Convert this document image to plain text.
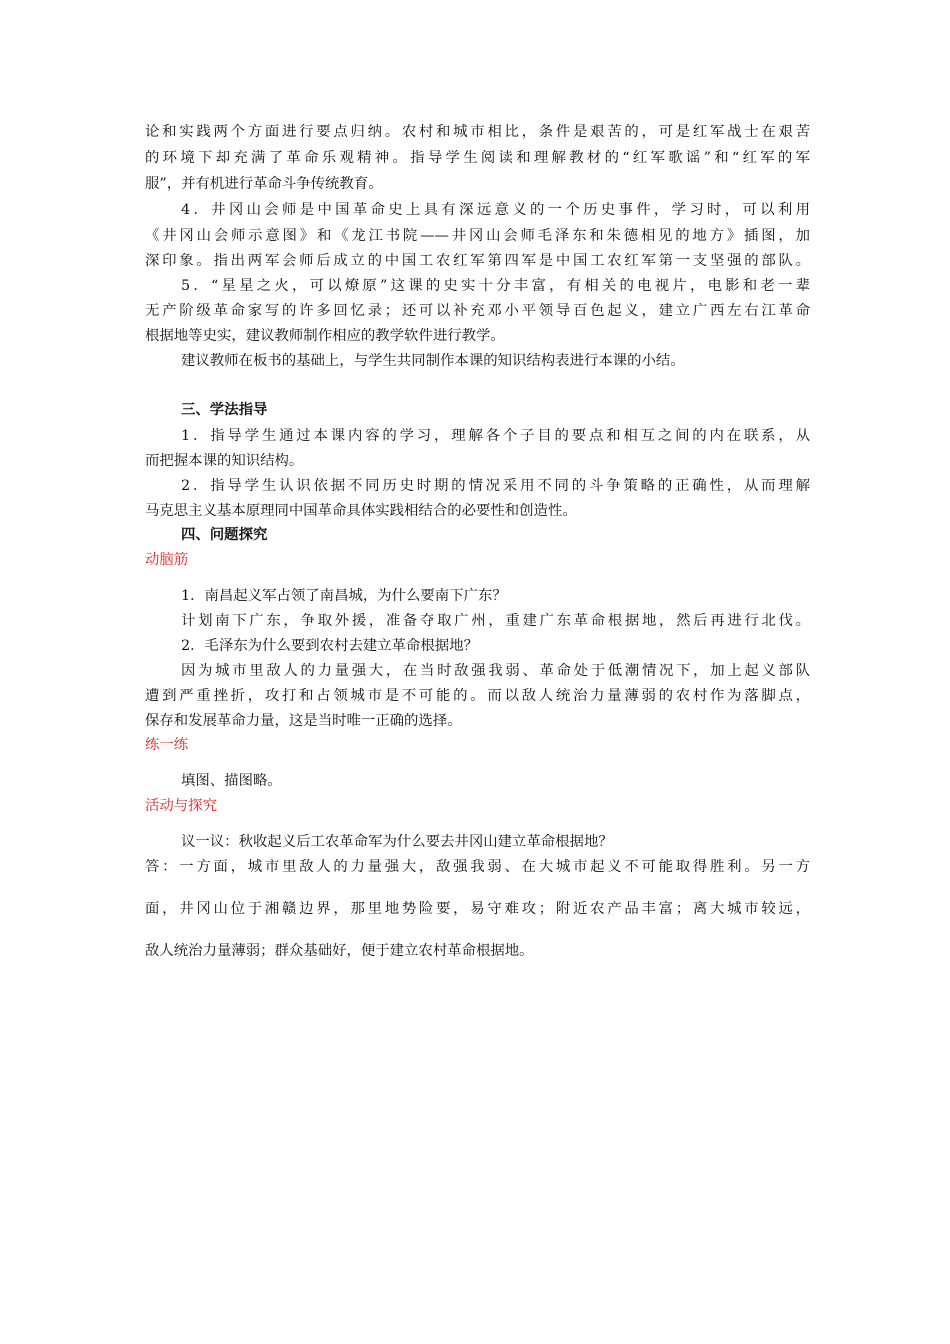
论和实践两个方面进行要点归纳。农村和城市相比，条件是艰苦的，可是红军战士在艰苦
的环境下却充满了革命乐观精神。指导学生阅读和理解教材的“红军歌谣”和“红军的军
服”，并有机进行革命斗争传统教育。
4．井冈山会师是中国革命史上具有深远意义的一个历史事件，学习时，可以利用
《井冈山会师示意图》和《龙江书院——井冈山会师毛泽东和朱德相见的地方》插图，加
深印象。指出两军会师后成立的中国工农红军第四军是中国工农红军第一支坚强的部队。
5．“星星之火，可以燎原”这课的史实十分丰富，有相关的电视片，电影和老一辈
无产阶级革命家写的许多回忆录；还可以补充邓小平领导百色起义，建立广西左右江革命
根据地等史实，建议教师制作相应的教学软件进行教学。
建议教师在板书的基础上，与学生共同制作本课的知识结构表进行本课的小结。
三、学法指导
1．指导学生通过本课内容的学习，理解各个子目的要点和相互之间的内在联系，从
而把握本课的知识结构。
2．指导学生认识依据不同历史时期的情况采用不同的斗争策略的正确性，从而理解
马克思主义基本原理同中国革命具体实践相结合的必要性和创造性。
四、问题探究
动脑筋
1．南昌起义军占领了南昌城，为什么要南下广东？
计划南下广东，争取外援，准备夺取广州，重建广东革命根据地，然后再进行北伐。
2．毛泽东为什么要到农村去建立革命根据地？
因为城市里敌人的力量强大，在当时敌强我弱、革命处于低潮情况下，加上起义部队
遭到严重挫折，攻打和占领城市是不可能的。而以敌人统治力量薄弱的农村作为落脚点，
保存和发展革命力量，这是当时唯一正确的选择。
练一练
填图、描图略。
活动与探究
议一议：秋收起义后工农革命军为什么要去井冈山建立革命根据地？
答：一方面，城市里敌人的力量强大，敌强我弱、在大城市起义不可能取得胜利。另一方
面，井冈山位于湘赣边界，那里地势险要，易守难攻；附近农产品丰富；离大城市较远，
敌人统治力量薄弱；群众基础好，便于建立农村革命根据地。
